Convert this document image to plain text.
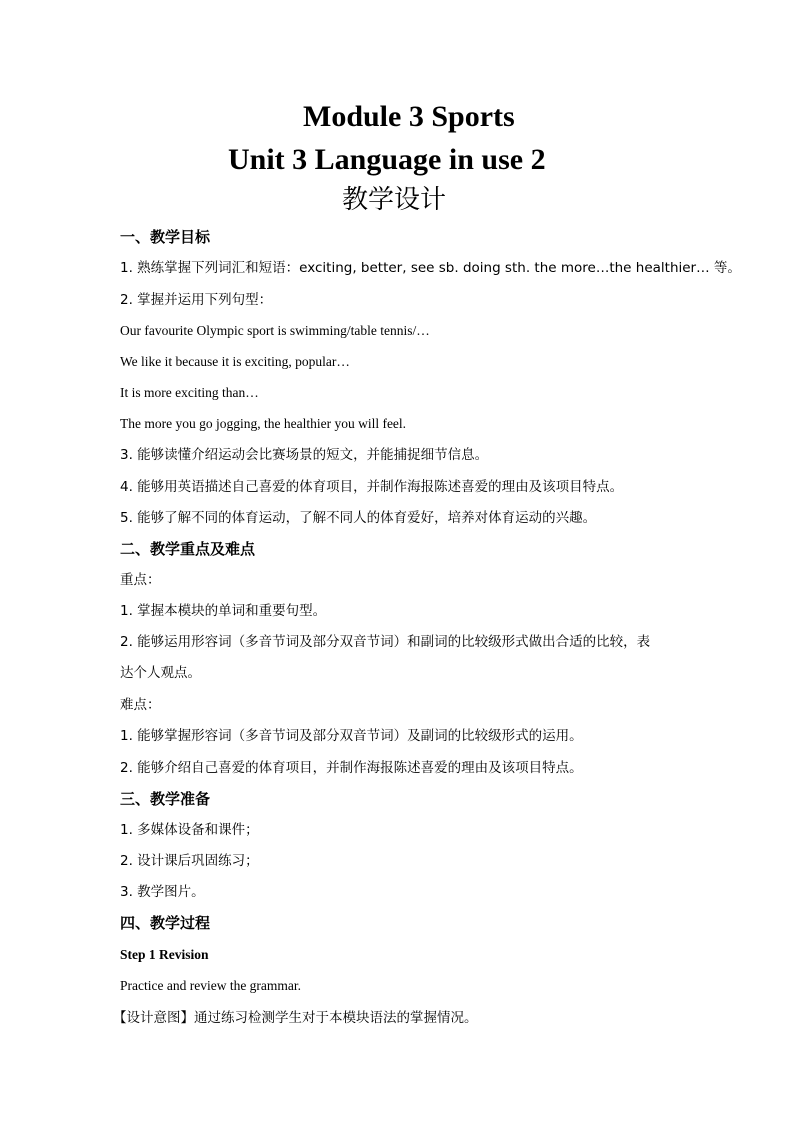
Module 3 Sports
Unit 3 Language in use 2
教学设计
一、教学目标
1. 熟练掌握下列词汇和短语：exciting, better, see sb. doing sth. the more…the healthier… 等。
2. 掌握并运用下列句型：
Our favourite Olympic sport is swimming/table tennis/…
We like it because it is exciting, popular…
It is more exciting than…
The more you go jogging, the healthier you will feel.
3. 能够读懂介绍运动会比赛场景的短文，并能捕捉细节信息。
4. 能够用英语描述自己喜爱的体育项目，并制作海报陈述喜爱的理由及该项目特点。
5. 能够了解不同的体育运动，了解不同人的体育爱好，培养对体育运动的兴趣。
二、教学重点及难点
重点：
1. 掌握本模块的单词和重要句型。
2. 能够运用形容词（多音节词及部分双音节词）和副词的比较级形式做出合适的比较，表
达个人观点。
难点：
1. 能够掌握形容词（多音节词及部分双音节词）及副词的比较级形式的运用。
2. 能够介绍自己喜爱的体育项目，并制作海报陈述喜爱的理由及该项目特点。
三、教学准备
1. 多媒体设备和课件；
2. 设计课后巩固练习；
3. 教学图片。
四、教学过程
Step 1 Revision
Practice and review the grammar.
【设计意图】通过练习检测学生对于本模块语法的掌握情况。
